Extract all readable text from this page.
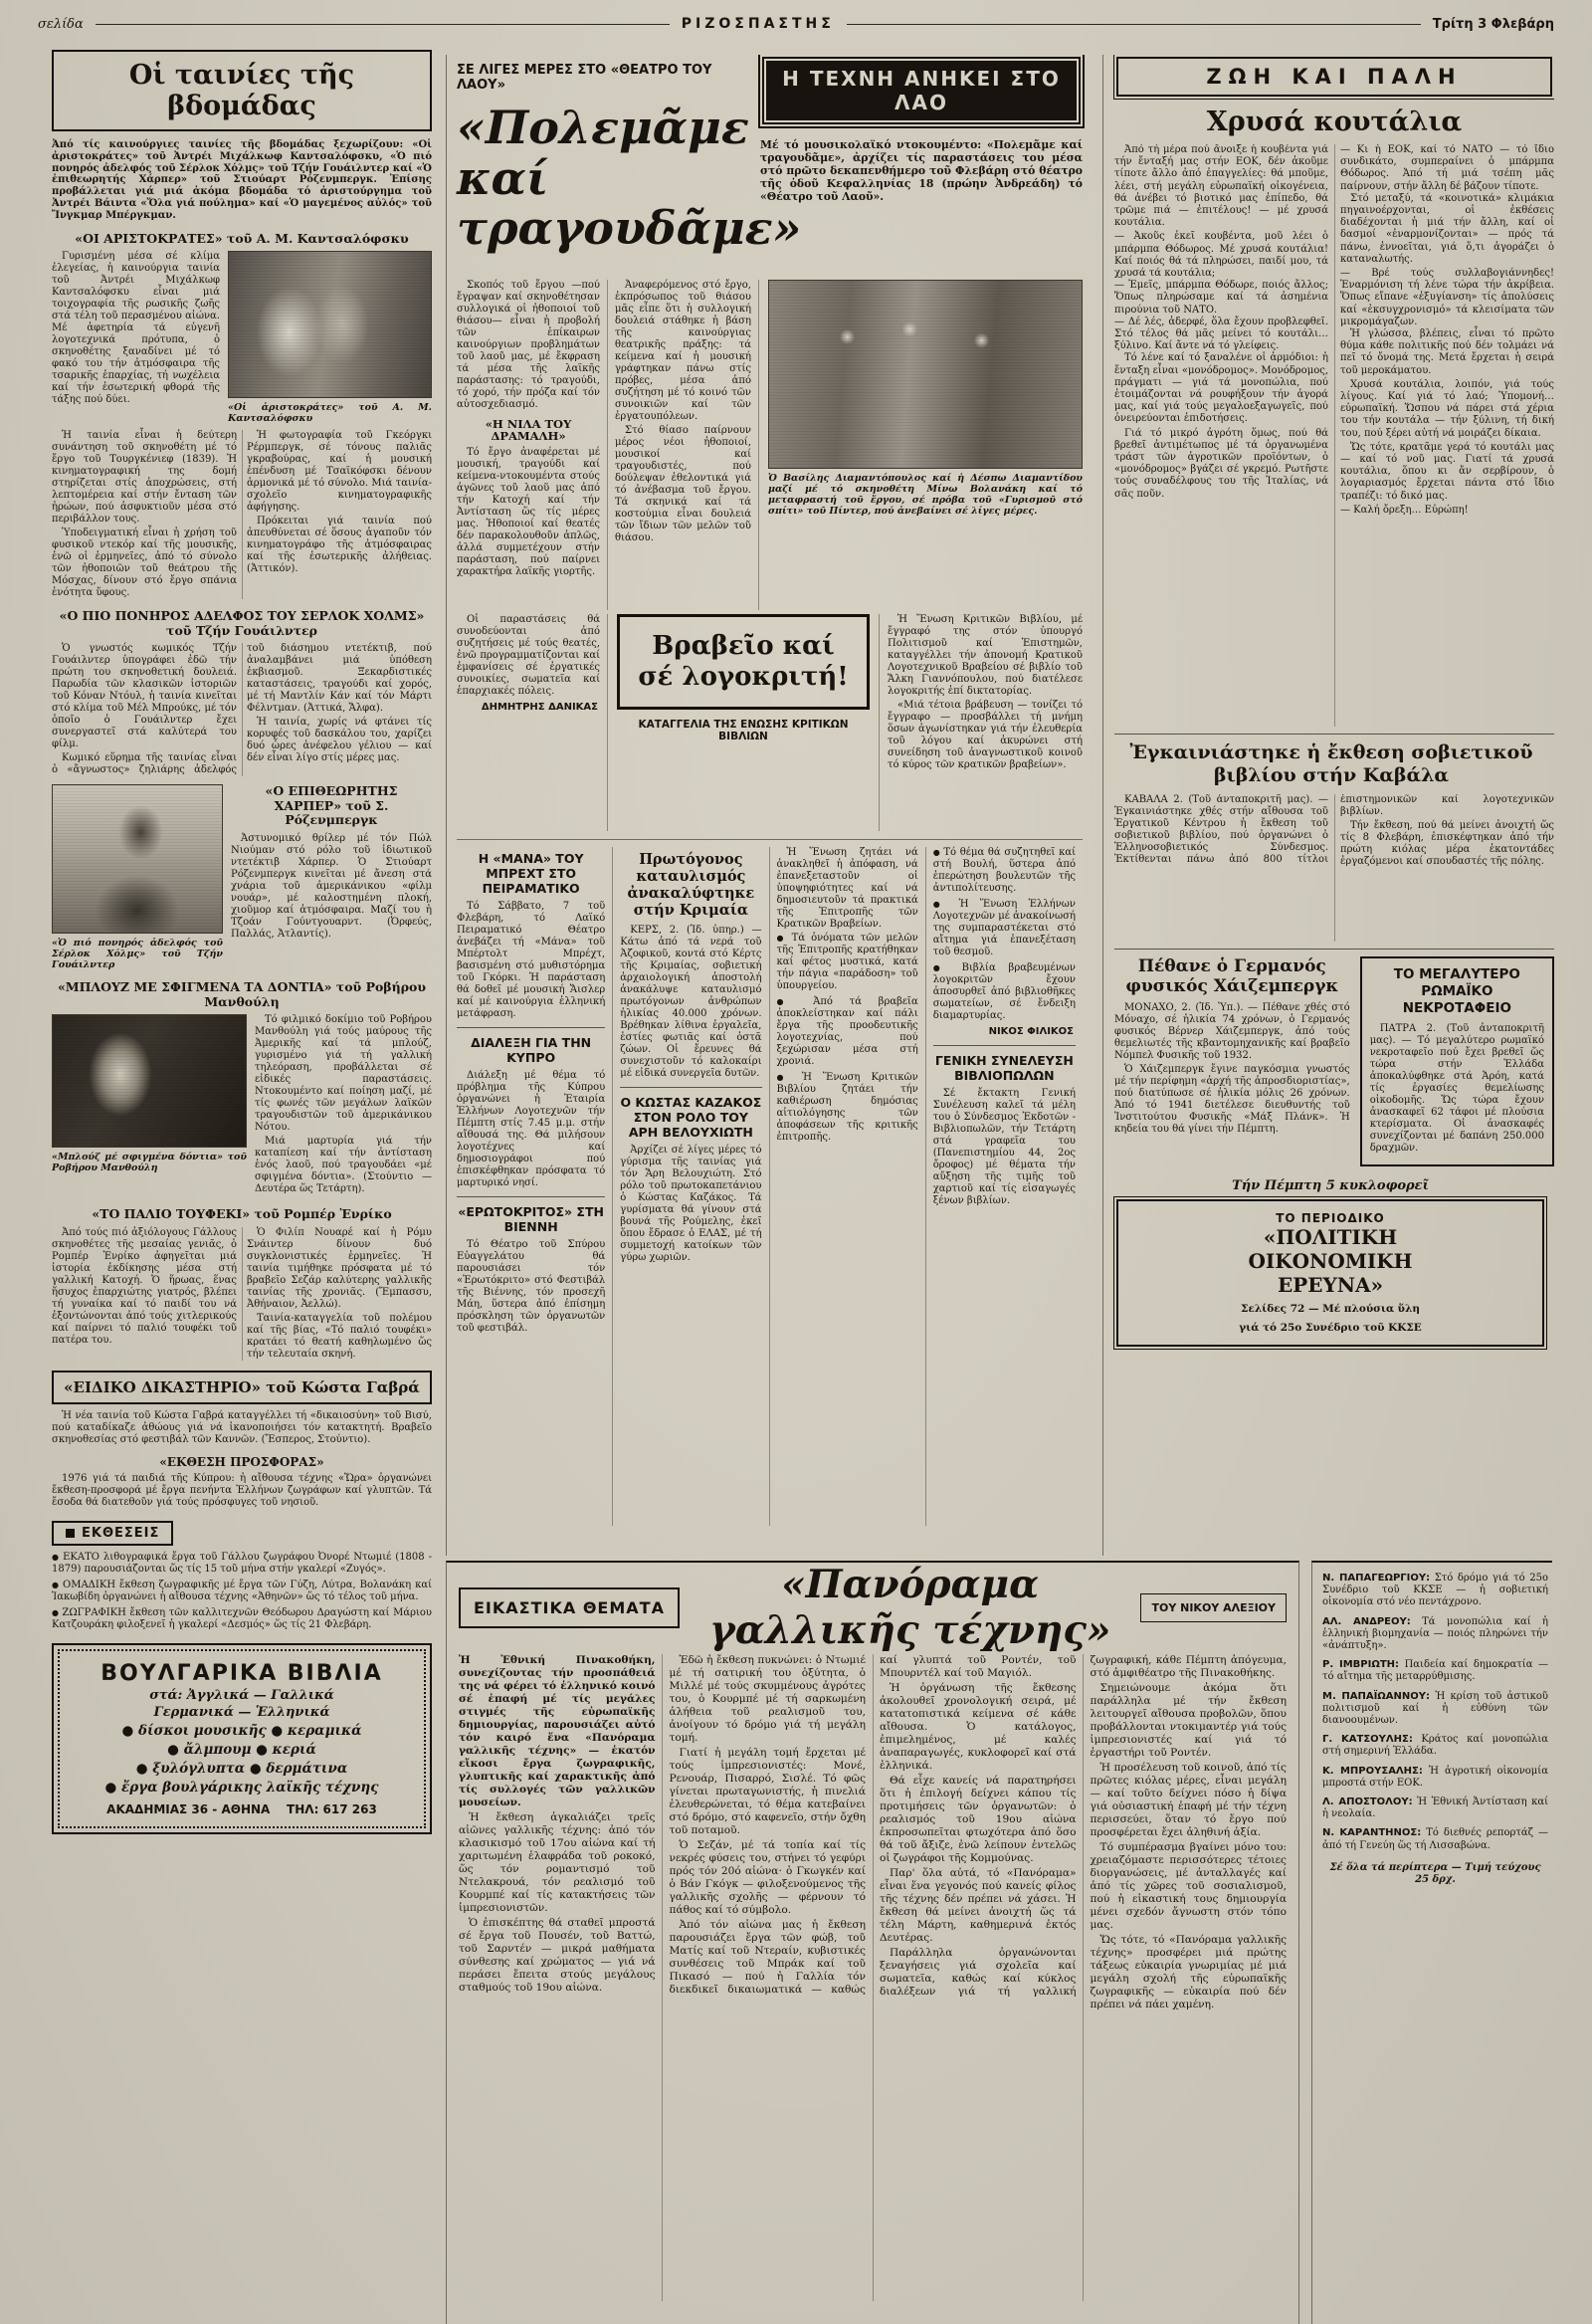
σελίδα	ΡΙΖΟΣΠΑΣΤΗΣ	Τρίτη 3 Φλεβάρη
Οἱ ταινίες τῆς βδομάδας
Ἀπό τίς καινούργιες ταινίες τῆς βδομάδας ξεχωρίζουν: «Οἱ ἀριστοκράτες» τοῦ Ἀντρέι Μιχάλκωφ Καντσαλόφσκυ, «Ὁ πιό πονηρός ἀδελφός τοῦ Σέρλοκ Χόλμς» τοῦ Τζήν Γουάιλντερ καί «Ὁ ἐπιθεωρητής Χάρπερ» τοῦ Στιούαρτ Ρόζενμπεργκ. Ἐπίσης προβάλλεται γιά μιά ἀκόμα βδομάδα τό ἀριστούργημα τοῦ Ἀντρέι Βάιντα «Ὅλα γιά πούλημα» καί «Ὁ μαγεμένος αὐλός» τοῦ Ἴνγκμαρ Μπέργκμαν.
«ΟΙ ΑΡΙΣΤΟΚΡΑΤΕΣ» τοῦ Α. Μ. Καντσαλόφσκυ

Γυρισμένη μέσα σέ κλίμα ἐλεγείας, ἡ καινούργια ταινία τοῦ Ἀντρέι Μιχάλκωφ Καντσαλόφσκυ εἶναι μιά τοιχογραφία τῆς ρωσικῆς ζωῆς στά τέλη τοῦ περασμένου αἰώνα. Μέ ἀφετηρία τά εὐγενῆ λογοτεχνικά πρότυπα, ὁ σκηνοθέτης ξαναδίνει μέ τό φακό του τήν ἀτμόσφαιρα τῆς τσαρικῆς ἐπαρχίας, τή νωχέλεια καί τήν ἐσωτερική φθορά τῆς τάξης πού δύει.

«Οἱ ἀριστοκράτες» τοῦ Α. Μ. Καντσαλόφσκυ

Ἡ ταινία εἶναι ἡ δεύτερη συνάντηση τοῦ σκηνοθέτη μέ τό ἔργο τοῦ Τουργκένιεφ (1839). Ἡ κινηματογραφική της δομή στηρίζεται στίς ἀποχρώσεις, στή λεπτομέρεια καί στήν ἔνταση τῶν ἡρώων, πού ἀσφυκτιοῦν μέσα στό περιβάλλον τους.

Ὑποδειγματική εἶναι ἡ χρήση τοῦ φυσικοῦ ντεκόρ καί τῆς μουσικῆς, ἐνῶ οἱ ἑρμηνεῖες, ἀπό τό σύνολο τῶν ἠθοποιῶν τοῦ θεάτρου τῆς Μόσχας, δίνουν στό ἔργο σπάνια ἑνότητα ὕφους.

Ἡ φωτογραφία τοῦ Γκεόργκι Ρέρμπεργκ, σέ τόνους παλιᾶς γκραβούρας, καί ἡ μουσική ἐπένδυση μέ Τσαϊκόφσκι δένουν ἁρμονικά μέ τό σύνολο. Μιά ταινία-σχολεῖο κινηματογραφικῆς ἀφήγησης.

Πρόκειται γιά ταινία πού ἀπευθύνεται σέ ὅσους ἀγαποῦν τόν κινηματογράφο τῆς ἀτμόσφαιρας καί τῆς ἐσωτερικῆς ἀλήθειας. (Ἀττικόν).

«Ο ΠΙΟ ΠΟΝΗΡΟΣ ΑΔΕΛΦΟΣ ΤΟΥ ΣΕΡΛΟΚ ΧΟΛΜΣ» τοῦ Τζήν Γουάιλντερ

Ὁ γνωστός κωμικός Τζήν Γουάιλντερ ὑπογράφει ἐδῶ τήν πρώτη του σκηνοθετική δουλειά. Παρωδία τῶν κλασικῶν ἱστοριῶν τοῦ Κόναν Ντόυλ, ἡ ταινία κινεῖται στό κλίμα τοῦ Μέλ Μπρούκς, μέ τόν ὁποῖο ὁ Γουάιλντερ ἔχει συνεργαστεῖ στά καλύτερά του φίλμ.

Κωμικό εὕρημα τῆς ταινίας εἶναι ὁ «ἄγνωστος» ζηλιάρης ἀδελφός τοῦ διάσημου ντετέκτιβ, πού ἀναλαμβάνει μιά ὑπόθεση ἐκβιασμοῦ. Ξεκαρδιστικές καταστάσεις, τραγούδι καί χορός, μέ τή Μαντλίν Κάν καί τόν Μάρτι Φέλντμαν. (Ἀττικά, Ἄλφα).

Ἡ ταινία, χωρίς νά φτάνει τίς κορυφές τοῦ δασκάλου του, χαρίζει δυό ὧρες ἀνέφελου γέλιου — καί δέν εἶναι λίγο στίς μέρες μας.

«Ὁ πιό πονηρός ἀδελφός τοῦ Σέρλοκ Χόλμς» τοῦ Τζήν Γουάιλντερ
«Ο ΕΠΙΘΕΩΡΗΤΗΣ ΧΑΡΠΕΡ» τοῦ Σ. Ρόζενμπεργκ

Ἀστυνομικό θρίλερ μέ τόν Πώλ Νιούμαν στό ρόλο τοῦ ἰδιωτικοῦ ντετέκτιβ Χάρπερ. Ὁ Στιούαρτ Ρόζενμπεργκ κινεῖται μέ ἄνεση στά χνάρια τοῦ ἀμερικάνικου «φίλμ νουάρ», μέ καλοστημένη πλοκή, χιοῦμορ καί ἀτμόσφαιρα. Μαζί του ἡ Τζοάν Γούντγουαρντ. (Ὀρφεύς, Παλλάς, Ἀτλαντίς).

«ΜΠΛΟΥΖ ΜΕ ΣΦΙΓΜΕΝΑ ΤΑ ΔΟΝΤΙΑ» τοῦ Ροβήρου Μανθούλη
«Μπλούζ μέ σφιγμένα δόντια» τοῦ Ροβήρου Μανθούλη

Τό φιλμικό δοκίμιο τοῦ Ροβήρου Μανθούλη γιά τούς μαύρους τῆς Ἀμερικῆς καί τά μπλούζ, γυρισμένο γιά τή γαλλική τηλεόραση, προβάλλεται σέ εἰδικές παραστάσεις. Ντοκουμέντο καί ποίηση μαζί, μέ τίς φωνές τῶν μεγάλων λαϊκῶν τραγουδιστῶν τοῦ ἀμερικάνικου Νότου.

Μιά μαρτυρία γιά τήν καταπίεση καί τήν ἀντίσταση ἑνός λαοῦ, πού τραγουδάει «μέ σφιγμένα δόντια». (Στούντιο — Δευτέρα ὥς Τετάρτη).

«ΤΟ ΠΑΛΙΟ ΤΟΥΦΕΚΙ» τοῦ Ρομπέρ Ἐνρίκο

Ἀπό τούς πιό ἀξιόλογους Γάλλους σκηνοθέτες τῆς μεσαίας γενιᾶς, ὁ Ρομπέρ Ἐνρίκο ἀφηγεῖται μιά ἱστορία ἐκδίκησης μέσα στή γαλλική Κατοχή. Ὁ ἥρωας, ἕνας ἥσυχος ἐπαρχιώτης γιατρός, βλέπει τή γυναίκα καί τό παιδί του νά ἐξοντώνονται ἀπό τούς χιτλερικούς καί παίρνει τό παλιό τουφέκι τοῦ πατέρα του.

Ὁ Φιλίπ Νουαρέ καί ἡ Ρόμυ Σνάιντερ δίνουν δυό συγκλονιστικές ἑρμηνεῖες. Ἡ ταινία τιμήθηκε πρόσφατα μέ τό βραβεῖο Σεζάρ καλύτερης γαλλικῆς ταινίας τῆς χρονιᾶς. (Ἔμπασσυ, Ἀθήναιον, Ἀελλώ).

Ταινία-καταγγελία τοῦ πολέμου καί τῆς βίας, «Τό παλιό τουφέκι» κρατάει τό θεατή καθηλωμένο ὥς τήν τελευταία σκηνή.

«ΕΙΔΙΚΟ ΔΙΚΑΣΤΗΡΙΟ» τοῦ Κώστα Γαβρά

Ἡ νέα ταινία τοῦ Κώστα Γαβρά καταγγέλλει τή «δικαιοσύνη» τοῦ Βισύ, πού καταδίκαζε ἀθώους γιά νά ἱκανοποιήσει τόν κατακτητή. Βραβεῖο σκηνοθεσίας στό φεστιβάλ τῶν Καννῶν. (Ἔσπερος, Στούντιο).

«ΕΚΘΕΣΗ ΠΡΟΣΦΟΡΑΣ»

1976 γιά τά παιδιά τῆς Κύπρου: ἡ αἴθουσα τέχνης «Ὥρα» ὀργανώνει ἔκθεση-προσφορά μέ ἔργα πενήντα Ἑλλήνων ζωγράφων καί γλυπτῶν. Τά ἔσοδα θά διατεθοῦν γιά τούς πρόσφυγες τοῦ νησιοῦ.

ΕΚΘΕΣΕΙΣ

● ΕΚΑΤΟ λιθογραφικά ἔργα τοῦ Γάλλου ζωγράφου Ὀνορέ Ντωμιέ (1808 - 1879) παρουσιάζονται ὥς τίς 15 τοῦ μήνα στήν γκαλερί «Ζυγός».

● ΟΜΑΔΙΚΗ ἔκθεση ζωγραφικῆς μέ ἔργα τῶν Γύζη, Λύτρα, Βολανάκη καί Ἰακωβίδη ὀργανώνει ἡ αἴθουσα τέχνης «Ἀθηνῶν» ὥς τό τέλος τοῦ μήνα.

● ΖΩΓΡΑΦΙΚΗ ἔκθεση τῶν καλλιτεχνῶν Θεόδωρου Δραγώστη καί Μάριου Κατζουράκη φιλοξενεῖ ἡ γκαλερί «Δεσμός» ὥς τίς 21 Φλεβάρη.

ΒΟΥΛΓΑΡΙΚΑ ΒΙΒΛΙΑ
στά: Ἀγγλικά — Γαλλικά
Γερμανικά — Ἑλληνικά
● δίσκοι μουσικῆς ● κεραμικά
● ἄλμπουμ ● κεριά
● ξυλόγλυπτα ● δερμάτινα
● ἔργα βουλγάρικης λαϊκῆς τέχνης
ΑΚΑΔΗΜΙΑΣ 36 - ΑΘΗΝΑ ΤΗΛ: 617 263
ΣΕ ΛΙΓΕΣ ΜΕΡΕΣ ΣΤΟ «ΘΕΑΤΡΟ ΤΟΥ ΛΑΟΥ»
«Πολεμᾶμε καί τραγουδᾶμε»
Η ΤΕΧΝΗ ΑΝΗΚΕΙ ΣΤΟ ΛΑΟ
Μέ τό μουσικολαϊκό ντοκουμέντο: «Πολεμᾶμε καί τραγουδᾶμε», ἀρχίζει τίς παραστάσεις του μέσα στό πρῶτο δεκαπενθήμερο τοῦ Φλεβάρη στό θέατρο τῆς ὁδοῦ Κεφαλληνίας 18 (πρώην Ἀνδρεάδη) τό «Θέατρο τοῦ Λαοῦ».

Σκοπός τοῦ ἔργου —πού ἔγραψαν καί σκηνοθέτησαν συλλογικά οἱ ἠθοποιοί τοῦ θιάσου— εἶναι ἡ προβολή τῶν ἐπίκαιρων καινούργιων προβλημάτων τοῦ λαοῦ μας, μέ ἔκφραση τά μέσα τῆς λαϊκῆς παράστασης: τό τραγούδι, τό χορό, τήν πρόζα καί τόν αὐτοσχεδιασμό.

«Η ΝΙΛΑ ΤΟΥ ΔΡΑΜΑΛΗ»

Τό ἔργο ἀναφέρεται μέ μουσική, τραγούδι καί κείμενα-ντοκουμέντα στούς ἀγῶνες τοῦ λαοῦ μας ἀπό τήν Κατοχή καί τήν Ἀντίσταση ὥς τίς μέρες μας. Ἠθοποιοί καί θεατές δέν παρακολουθοῦν ἁπλῶς, ἀλλά συμμετέχουν στήν παράσταση, πού παίρνει χαρακτήρα λαϊκῆς γιορτῆς.

Ἀναφερόμενος στό ἔργο, ἐκπρόσωπος τοῦ θιάσου μᾶς εἶπε ὅτι ἡ συλλογική δουλειά στάθηκε ἡ βάση τῆς καινούργιας θεατρικῆς πράξης: τά κείμενα καί ἡ μουσική γράφτηκαν πάνω στίς πρόβες, μέσα ἀπό συζήτηση μέ τό κοινό τῶν συνοικιῶν καί τῶν ἐργατουπόλεων.

Στό θίασο παίρνουν μέρος νέοι ἠθοποιοί, μουσικοί καί τραγουδιστές, πού δούλεψαν ἐθελοντικά γιά τό ἀνέβασμα τοῦ ἔργου. Τά σκηνικά καί τά κοστούμια εἶναι δουλειά τῶν ἴδιων τῶν μελῶν τοῦ θιάσου.

Ὁ Βασίλης Διαμαντόπουλος καί ἡ Δέσπω Διαμαντίδου μαζί μέ τό σκηνοθέτη Μίνω Βολανάκη καί τό μεταφραστή τοῦ ἔργου, σέ πρόβα τοῦ «Γυρισμοῦ στό σπίτι» τοῦ Πίντερ, πού ἀνεβαίνει σέ λίγες μέρες.

Οἱ παραστάσεις θά συνοδεύονται ἀπό συζητήσεις μέ τούς θεατές, ἐνῶ προγραμματίζονται καί ἐμφανίσεις σέ ἐργατικές συνοικίες, σωματεῖα καί ἐπαρχιακές πόλεις.

ΔΗΜΗΤΡΗΣ ΔΑΝΙΚΑΣ
Βραβεῖο καί
σέ λογοκριτή!
ΚΑΤΑΓΓΕΛΙΑ ΤΗΣ ΕΝΩΣΗΣ ΚΡΙΤΙΚΩΝ ΒΙΒΛΙΩΝ

Ἡ Ἕνωση Κριτικῶν Βιβλίου, μέ ἔγγραφό της στόν ὑπουργό Πολιτισμοῦ καί Ἐπιστημῶν, καταγγέλλει τήν ἀπονομή Κρατικοῦ Λογοτεχνικοῦ Βραβείου σέ βιβλίο τοῦ Ἄλκη Γιαννόπουλου, πού διατέλεσε λογοκριτής ἐπί δικτατορίας.

«Μιά τέτοια βράβευση — τονίζει τό ἔγγραφο — προσβάλλει τή μνήμη ὅσων ἀγωνίστηκαν γιά τήν ἐλευθερία τοῦ λόγου καί ἀκυρώνει στή συνείδηση τοῦ ἀναγνωστικοῦ κοινοῦ τό κύρος τῶν κρατικῶν βραβείων».

Η «ΜΑΝΑ» ΤΟΥ ΜΠΡΕΧΤ ΣΤΟ ΠΕΙΡΑΜΑΤΙΚΟ

Τό Σάββατο, 7 τοῦ Φλεβάρη, τό Λαϊκό Πειραματικό Θέατρο ἀνεβάζει τή «Μάνα» τοῦ Μπέρτολτ Μπρέχτ, βασισμένη στό μυθιστόρημα τοῦ Γκόρκι. Ἡ παράσταση θά δοθεῖ μέ μουσική Ἄισλερ καί μέ καινούργια ἑλληνική μετάφραση.

ΔΙΑΛΕΞΗ ΓΙΑ ΤΗΝ ΚΥΠΡΟ

Διάλεξη μέ θέμα τό πρόβλημα τῆς Κύπρου ὀργανώνει ἡ Ἑταιρία Ἑλλήνων Λογοτεχνῶν τήν Πέμπτη στίς 7.45 μ.μ. στήν αἴθουσά της. Θά μιλήσουν λογοτέχνες καί δημοσιογράφοι πού ἐπισκέφθηκαν πρόσφατα τό μαρτυρικό νησί.

«ΕΡΩΤΟΚΡΙΤΟΣ» ΣΤΗ ΒΙΕΝΝΗ

Τό Θέατρο τοῦ Σπύρου Εὐαγγελάτου θά παρουσιάσει τόν «Ἐρωτόκριτο» στό Φεστιβάλ τῆς Βιέννης, τόν προσεχῆ Μάη, ὕστερα ἀπό ἐπίσημη πρόσκληση τῶν ὀργανωτῶν τοῦ φεστιβάλ.

Πρωτόγονος καταυλισμός ἀνακαλύφτηκε στήν Κριμαία

ΚΕΡΣ, 2. (Ἰδ. ὑπηρ.) — Κάτω ἀπό τά νερά τοῦ Ἀζοφικοῦ, κοντά στό Κέρτς τῆς Κριμαίας, σοβιετική ἀρχαιολογική ἀποστολή ἀνακάλυψε καταυλισμό πρωτόγονων ἀνθρώπων ἡλικίας 40.000 χρόνων. Βρέθηκαν λίθινα ἐργαλεῖα, ἑστίες φωτιᾶς καί ὀστᾶ ζώων. Οἱ ἔρευνες θά συνεχιστοῦν τό καλοκαίρι μέ εἰδικά συνεργεῖα δυτῶν.

Ο ΚΩΣΤΑΣ ΚΑΖΑΚΟΣ ΣΤΟΝ ΡΟΛΟ ΤΟΥ ΑΡΗ ΒΕΛΟΥΧΙΩΤΗ

Ἀρχίζει σέ λίγες μέρες τό γύρισμα τῆς ταινίας γιά τόν Ἄρη Βελουχιώτη. Στό ρόλο τοῦ πρωτοκαπετάνιου ὁ Κώστας Καζάκος. Τά γυρίσματα θά γίνουν στά βουνά τῆς Ρούμελης, ἐκεῖ ὅπου ἔδρασε ὁ ΕΛΑΣ, μέ τή συμμετοχή κατοίκων τῶν γύρω χωριῶν.

Ἡ Ἕνωση ζητάει νά ἀνακληθεῖ ἡ ἀπόφαση, νά ἐπανεξεταστοῦν οἱ ὑποψηφιότητες καί νά δημοσιευτοῦν τά πρακτικά τῆς Ἐπιτροπῆς τῶν Κρατικῶν Βραβείων.

● Τά ὀνόματα τῶν μελῶν τῆς Ἐπιτροπῆς κρατήθηκαν καί φέτος μυστικά, κατά τήν πάγια «παράδοση» τοῦ ὑπουργείου.

● Ἀπό τά βραβεῖα ἀποκλείστηκαν καί πάλι ἔργα τῆς προοδευτικῆς λογοτεχνίας, πού ξεχώρισαν μέσα στή χρονιά.

● Ἡ Ἕνωση Κριτικῶν Βιβλίου ζητάει τήν καθιέρωση δημόσιας αἰτιολόγησης τῶν ἀποφάσεων τῆς κριτικῆς ἐπιτροπῆς.

● Τό θέμα θά συζητηθεῖ καί στή Βουλή, ὕστερα ἀπό ἐπερώτηση βουλευτῶν τῆς ἀντιπολίτευσης.

● Ἡ Ἕνωση Ἑλλήνων Λογοτεχνῶν μέ ἀνακοίνωσή της συμπαραστέκεται στό αἴτημα γιά ἐπανεξέταση τοῦ θεσμοῦ.

● Βιβλία βραβευμένων λογοκριτῶν ἔχουν ἀποσυρθεῖ ἀπό βιβλιοθῆκες σωματείων, σέ ἔνδειξη διαμαρτυρίας.

ΝΙΚΟΣ ΦΙΛΙΚΟΣ
ΓΕΝΙΚΗ ΣΥΝΕΛΕΥΣΗ ΒΙΒΛΙΟΠΩΛΩΝ

Σέ ἔκτακτη Γενική Συνέλευση καλεῖ τά μέλη του ὁ Σύνδεσμος Ἐκδοτῶν - Βιβλιοπωλῶν, τήν Τετάρτη στά γραφεῖα του (Πανεπιστημίου 44, 2ος ὄροφος) μέ θέματα τήν αὔξηση τῆς τιμῆς τοῦ χαρτιοῦ καί τίς εἰσαγωγές ξένων βιβλίων.

ΕΙΚΑΣΤΙΚΑ ΘΕΜΑΤΑ	«Πανόραμα γαλλικῆς τέχνης»	ΤΟΥ ΝΙΚΟΥ ΑΛΕΞΙΟΥ

Ἡ Ἐθνική Πινακοθήκη, συνεχίζοντας τήν προσπάθειά της νά φέρει τό ἑλληνικό κοινό σέ ἐπαφή μέ τίς μεγάλες στιγμές τῆς εὐρωπαϊκῆς δημιουργίας, παρουσιάζει αὐτό τόν καιρό ἕνα «Πανόραμα γαλλικῆς τέχνης» — ἑκατόν εἴκοσι ἔργα ζωγραφικῆς, γλυπτικῆς καί χαρακτικῆς ἀπό τίς συλλογές τῶν γαλλικῶν μουσείων.

Ἡ ἔκθεση ἀγκαλιάζει τρεῖς αἰῶνες γαλλικῆς τέχνης: ἀπό τόν κλασικισμό τοῦ 17ου αἰώνα καί τή χαριτωμένη ἐλαφράδα τοῦ ροκοκό, ὥς τόν ρομαντισμό τοῦ Ντελακρουά, τόν ρεαλισμό τοῦ Κουρμπέ καί τίς κατακτήσεις τῶν ἰμπρεσιονιστῶν.

Ὁ ἐπισκέπτης θά σταθεῖ μπροστά σέ ἔργα τοῦ Πουσέν, τοῦ Βαττώ, τοῦ Σαρντέν — μικρά μαθήματα σύνθεσης καί χρώματος — γιά νά περάσει ἔπειτα στούς μεγάλους σταθμούς τοῦ 19ου αἰώνα.

Ἐδῶ ἡ ἔκθεση πυκνώνει: ὁ Ντωμιέ μέ τή σατιρική του ὀξύτητα, ὁ Μιλλέ μέ τούς σκυμμένους ἀγρότες του, ὁ Κουρμπέ μέ τή σαρκωμένη ἀλήθεια τοῦ ρεαλισμοῦ του, ἀνοίγουν τό δρόμο γιά τή μεγάλη τομή.

Γιατί ἡ μεγάλη τομή ἔρχεται μέ τούς ἰμπρεσιονιστές: Μονέ, Ρενουάρ, Πισαρρό, Σισλέ. Τό φῶς γίνεται πρωταγωνιστής, ἡ πινελιά ἐλευθερώνεται, τό θέμα κατεβαίνει στό δρόμο, στό καφενεῖο, στήν ὄχθη τοῦ ποταμοῦ.

Ὁ Σεζάν, μέ τά τοπία καί τίς νεκρές φύσεις του, στήνει τό γεφύρι πρός τόν 20ό αἰώνα· ὁ Γκωγκέν καί ὁ Βάν Γκόγκ — φιλοξενούμενος τῆς γαλλικῆς σχολῆς — φέρνουν τό πάθος καί τό σύμβολο.

Ἀπό τόν αἰώνα μας ἡ ἔκθεση παρουσιάζει ἔργα τῶν φώβ, τοῦ Ματίς καί τοῦ Ντεραίν, κυβιστικές συνθέσεις τοῦ Μπράκ καί τοῦ Πικασό — πού ἡ Γαλλία τόν διεκδικεῖ δικαιωματικά — καθώς καί γλυπτά τοῦ Ροντέν, τοῦ Μπουρντέλ καί τοῦ Μαγιόλ.

Ἡ ὀργάνωση τῆς ἔκθεσης ἀκολουθεῖ χρονολογική σειρά, μέ κατατοπιστικά κείμενα σέ κάθε αἴθουσα. Ὁ κατάλογος, ἐπιμελημένος, μέ καλές ἀναπαραγωγές, κυκλοφορεῖ καί στά ἑλληνικά.

Θά εἶχε κανείς νά παρατηρήσει ὅτι ἡ ἐπιλογή δείχνει κάπου τίς προτιμήσεις τῶν ὀργανωτῶν: ὁ ρεαλισμός τοῦ 19ου αἰώνα ἐκπροσωπεῖται φτωχότερα ἀπό ὅσο θά τοῦ ἄξιζε, ἐνῶ λείπουν ἐντελῶς οἱ ζωγράφοι τῆς Κομμούνας.

Παρ' ὅλα αὐτά, τό «Πανόραμα» εἶναι ἕνα γεγονός πού κανείς φίλος τῆς τέχνης δέν πρέπει νά χάσει. Ἡ ἔκθεση θά μείνει ἀνοιχτή ὥς τά τέλη Μάρτη, καθημερινά ἐκτός Δευτέρας.

Παράλληλα ὀργανώνονται ξεναγήσεις γιά σχολεῖα καί σωματεῖα, καθώς καί κύκλος διαλέξεων γιά τή γαλλική ζωγραφική, κάθε Πέμπτη ἀπόγευμα, στό ἀμφιθέατρο τῆς Πινακοθήκης.

Σημειώνουμε ἀκόμα ὅτι παράλληλα μέ τήν ἔκθεση λειτουργεῖ αἴθουσα προβολῶν, ὅπου προβάλλονται ντοκιμαντέρ γιά τούς ἰμπρεσιονιστές καί γιά τό ἐργαστήρι τοῦ Ροντέν.

Ἡ προσέλευση τοῦ κοινοῦ, ἀπό τίς πρῶτες κιόλας μέρες, εἶναι μεγάλη — καί τοῦτο δείχνει πόσο ἡ δίψα γιά οὐσιαστική ἐπαφή μέ τήν τέχνη περισσεύει, ὅταν τό ἔργο πού προσφέρεται ἔχει ἀληθινή ἀξία.

Τό συμπέρασμα βγαίνει μόνο του: χρειαζόμαστε περισσότερες τέτοιες διοργανώσεις, μέ ἀνταλλαγές καί ἀπό τίς χῶρες τοῦ σοσιαλισμοῦ, πού ἡ εἰκαστική τους δημιουργία μένει σχεδόν ἄγνωστη στόν τόπο μας.

Ὥς τότε, τό «Πανόραμα γαλλικῆς τέχνης» προσφέρει μιά πρώτης τάξεως εὐκαιρία γνωριμίας μέ μιά μεγάλη σχολή τῆς εὐρωπαϊκῆς ζωγραφικῆς — εὐκαιρία πού δέν πρέπει νά πάει χαμένη.

ΖΩΗ ΚΑΙ ΠΑΛΗ
Χρυσά κουτάλια

Ἀπό τή μέρα πού ἄνοιξε ἡ κουβέντα γιά τήν ἔνταξή μας στήν ΕΟΚ, δέν ἀκοῦμε τίποτε ἄλλο ἀπό ἐπαγγελίες: θά μποῦμε, λέει, στή μεγάλη εὐρωπαϊκή οἰκογένεια, θά ἀνέβει τό βιοτικό μας ἐπίπεδο, θά τρῶμε πιά — ἐπιτέλους! — μέ χρυσά κουτάλια.

— Ἀκοῦς ἐκεῖ κουβέντα, μοῦ λέει ὁ μπάρμπα Θόδωρος. Μέ χρυσά κουτάλια! Καί ποιός θά τά πληρώσει, παιδί μου, τά χρυσά τά κουτάλια;

— Ἐμεῖς, μπάρμπα Θόδωρε, ποιός ἄλλος; Ὅπως πληρώσαμε καί τά ἀσημένια πιρούνια τοῦ ΝΑΤΟ.

— Δέ λές, ἀδερφέ, ὅλα ἔχουν προβλεφθεῖ. Στό τέλος θά μᾶς μείνει τό κουτάλι… ξύλινο. Καί ἄντε νά τό γλείφεις.

Τό λένε καί τό ξαναλένε οἱ ἁρμόδιοι: ἡ ἔνταξη εἶναι «μονόδρομος». Μονόδρομος, πράγματι — γιά τά μονοπώλια, πού ἑτοιμάζονται νά ρουφήξουν τήν ἀγορά μας, καί γιά τούς μεγαλοεξαγωγεῖς, πού ὀνειρεύονται ἐπιδοτήσεις.

Γιά τό μικρό ἀγρότη ὅμως, πού θά βρεθεῖ ἀντιμέτωπος μέ τά ὀργανωμένα τράστ τῶν ἀγροτικῶν προϊόντων, ὁ «μονόδρομος» βγάζει σέ γκρεμό. Ρωτῆστε τούς συναδέλφους του τῆς Ἰταλίας, νά σᾶς ποῦν.

— Κι ἡ ΕΟΚ, καί τό ΝΑΤΟ — τό ἴδιο συνδικάτο, συμπεραίνει ὁ μπάρμπα Θόδωρος. Ἀπό τή μιά τσέπη μᾶς παίρνουν, στήν ἄλλη δέ βάζουν τίποτε.

Στό μεταξύ, τά «κοινοτικά» κλιμάκια πηγαινοέρχονται, οἱ ἐκθέσεις διαδέχονται ἡ μιά τήν ἄλλη, καί οἱ δασμοί «ἐναρμονίζονται» — πρός τά πάνω, ἐννοεῖται, γιά ὅ,τι ἀγοράζει ὁ καταναλωτής.

— Βρέ τούς συλλαβογιάννηδες! Ἐναρμόνιση τή λένε τώρα τήν ἀκρίβεια. Ὅπως εἴπανε «ἐξυγίανση» τίς ἀπολύσεις καί «ἐκσυγχρονισμό» τά κλεισίματα τῶν μικρομάγαζων.

Ἡ γλώσσα, βλέπεις, εἶναι τό πρῶτο θύμα κάθε πολιτικῆς πού δέν τολμάει νά πεῖ τό ὄνομά της. Μετά ἔρχεται ἡ σειρά τοῦ μεροκάματου.

Χρυσά κουτάλια, λοιπόν, γιά τούς λίγους. Καί γιά τό λαό; Ὑπομονή… εὐρωπαϊκή. Ὥσπου νά πάρει στά χέρια του τήν κουτάλα — τήν ξύλινη, τή δική του, πού ξέρει αὐτή νά μοιράζει δίκαια.

Ὥς τότε, κρατᾶμε γερά τό κουτάλι μας — καί τό νοῦ μας. Γιατί τά χρυσά κουτάλια, ὅπου κι ἄν σερβίρουν, ὁ λογαριασμός ἔρχεται πάντα στό ἴδιο τραπέζι: τό δικό μας.

— Καλή ὄρεξη… Εὐρώπη!

Ἐγκαινιάστηκε ἡ ἔκθεση σοβιετικοῦ βιβλίου στήν Καβάλα

ΚΑΒΑΛΑ 2. (Τοῦ ἀνταποκριτῆ μας). — Ἐγκαινιάστηκε χθές στήν αἴθουσα τοῦ Ἐργατικοῦ Κέντρου ἡ ἔκθεση τοῦ σοβιετικοῦ βιβλίου, πού ὀργανώνει ὁ Ἑλληνοσοβιετικός Σύνδεσμος. Ἐκτίθενται πάνω ἀπό 800 τίτλοι ἐπιστημονικῶν καί λογοτεχνικῶν βιβλίων.

Τήν ἔκθεση, πού θά μείνει ἀνοιχτή ὥς τίς 8 Φλεβάρη, ἐπισκέφτηκαν ἀπό τήν πρώτη κιόλας μέρα ἑκατοντάδες ἐργαζόμενοι καί σπουδαστές τῆς πόλης.

Πέθανε ὁ Γερμανός φυσικός Χάιζεμπεργκ

ΜΟΝΑΧΟ, 2. (Ἰδ. Ὑπ.). — Πέθανε χθές στό Μόναχο, σέ ἡλικία 74 χρόνων, ὁ Γερμανός φυσικός Βέρνερ Χάιζεμπεργκ, ἀπό τούς θεμελιωτές τῆς κβαντομηχανικῆς καί βραβεῖο Νόμπελ Φυσικῆς τοῦ 1932.

Ὁ Χάιζεμπεργκ ἔγινε παγκόσμια γνωστός μέ τήν περίφημη «ἀρχή τῆς ἀπροσδιοριστίας», πού διατύπωσε σέ ἡλικία μόλις 26 χρόνων. Ἀπό τό 1941 διετέλεσε διευθυντής τοῦ Ἰνστιτούτου Φυσικῆς «Μάξ Πλάνκ». Ἡ κηδεία του θά γίνει τήν Πέμπτη.

ΤΟ ΜΕΓΑΛΥΤΕΡΟ ΡΩΜΑΪΚΟ ΝΕΚΡΟΤΑΦΕΙΟ

ΠΑΤΡΑ 2. (Τοῦ ἀνταποκριτῆ μας). — Τό μεγαλύτερο ρωμαϊκό νεκροταφεῖο πού ἔχει βρεθεῖ ὥς τώρα στήν Ἑλλάδα ἀποκαλύφθηκε στά Ἁρόη, κατά τίς ἐργασίες θεμελίωσης οἰκοδομῆς. Ὥς τώρα ἔχουν ἀνασκαφεῖ 62 τάφοι μέ πλούσια κτερίσματα. Οἱ ἀνασκαφές συνεχίζονται μέ δαπάνη 250.000 δραχμῶν.

Τήν Πέμπτη 5 κυκλοφορεῖ
ΤΟ ΠΕΡΙΟΔΙΚΟ
«ΠΟΛΙΤΙΚΗ
ΟΙΚΟΝΟΜΙΚΗ
ΕΡΕΥΝΑ»
Σελίδες 72 — Μέ πλούσια ὕλη
γιά τό 25ο Συνέδριο τοῦ ΚΚΣΕ

Ν. ΠΑΠΑΓΕΩΡΓΙΟΥ: Στό δρόμο γιά τό 25ο Συνέδριο τοῦ ΚΚΣΕ — ἡ σοβιετική οἰκονομία στό νέο πεντάχρονο.

ΑΛ. ΑΝΔΡΕΟΥ: Τά μονοπώλια καί ἡ ἑλληνική βιομηχανία — ποιός πληρώνει τήν «ἀνάπτυξη».

Ρ. ΙΜΒΡΙΩΤΗ: Παιδεία καί δημοκρατία — τό αἴτημα τῆς μεταρρύθμισης.

Μ. ΠΑΠΑΪΩΑΝΝΟΥ: Ἡ κρίση τοῦ ἀστικοῦ πολιτισμοῦ καί ἡ εὐθύνη τῶν διανοουμένων.

Γ. ΚΑΤΣΟΥΛΗΣ: Κράτος καί μονοπώλια στή σημερινή Ἑλλάδα.

Κ. ΜΠΡΟΥΣΑΛΗΣ: Ἡ ἀγροτική οἰκονομία μπροστά στήν ΕΟΚ.

Λ. ΑΠΟΣΤΟΛΟΥ: Ἡ Ἐθνική Ἀντίσταση καί ἡ νεολαία.

Ν. ΚΑΡΑΝΤΗΝΟΣ: Τό διεθνές ρεπορτάζ — ἀπό τή Γενεύη ὥς τή Λισσαβώνα.

Σέ ὅλα τά περίπτερα — Τιμή τεύχους 25 δρχ.
